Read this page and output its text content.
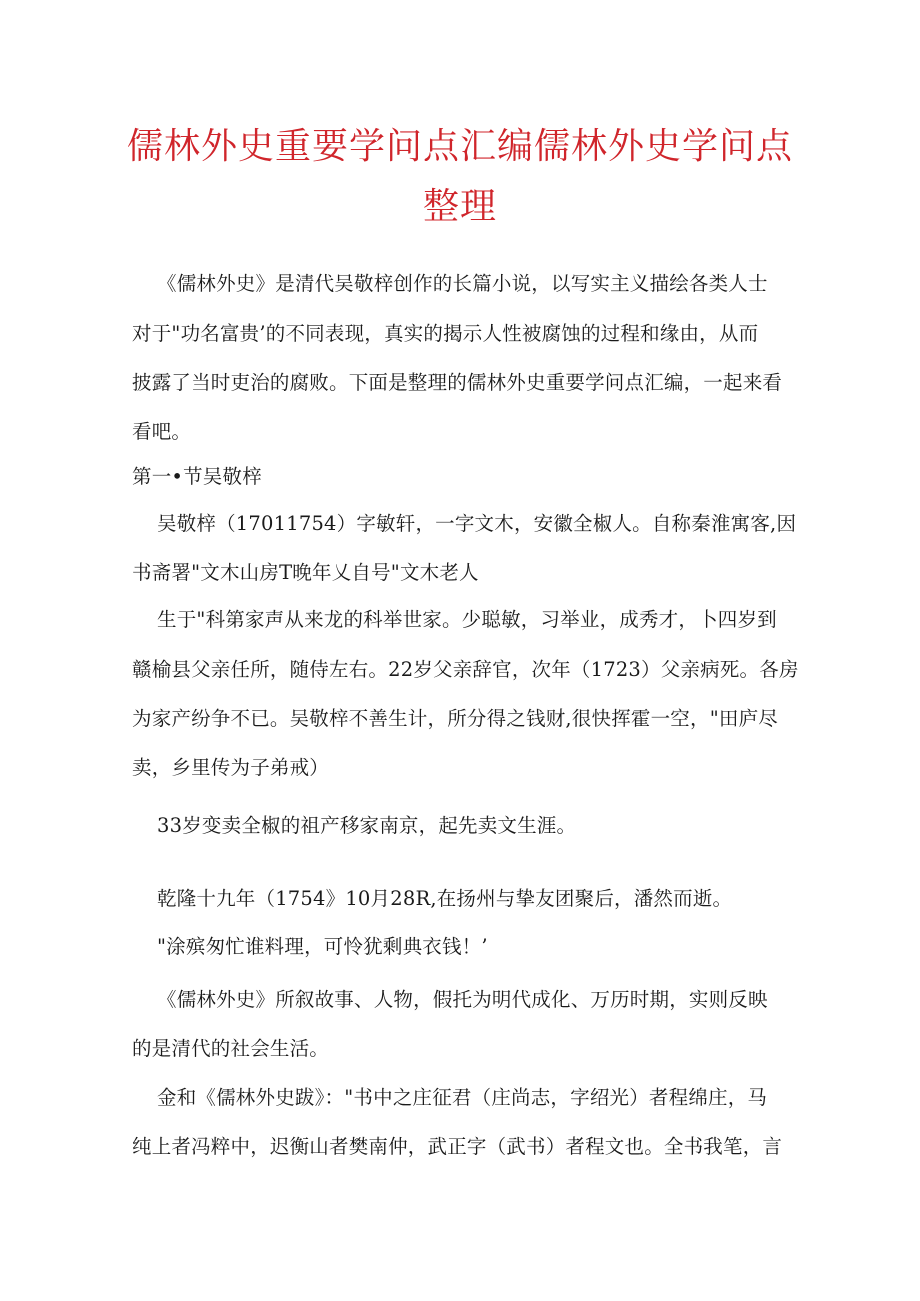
儒林外史重要学问点汇编儒林外史学问点
整理

《儒林外史》是清代吴敬梓创作的长篇小说，以写实主义描绘各类人士

对于"功名富贵’的不同表现，真实的揭示人性被腐蚀的过程和缘由，从而

披露了当时吏治的腐败。下面是整理的儒林外史重要学问点汇编，一起来看

看吧。

第一•节吴敬梓

吴敬梓（17011754）字敏轩，一字文木，安徽全椒人。自称秦淮寓客,因

书斋署"文木山房T晚年乂自号"文木老人

生于"科第家声从来龙的科举世家。少聪敏，习举业，成秀才，卜四岁到

赣榆县父亲任所，随侍左右。22岁父亲辞官，次年（1723）父亲病死。各房

为家产纷争不已。吴敬梓不善生计，所分得之钱财,很快挥霍一空，"田庐尽

卖，乡里传为子弟戒）

33岁变卖全椒的祖产移家南京，起先卖文生涯。

乾隆十九年（1754》10月28R,在扬州与挚友团聚后，潘然而逝。

"涂殡匆忙谁料理，可怜犹剩典衣钱！’

《儒林外史》所叙故事、人物，假托为明代成化、万历时期，实则反映

的是清代的社会生活。

金和《儒林外史跋》："书中之庄征君（庄尚志，字绍光）者程绵庄，马

纯上者冯粹中，迟衡山者樊南仲，武正字（武书）者程文也。全书我笔，言
